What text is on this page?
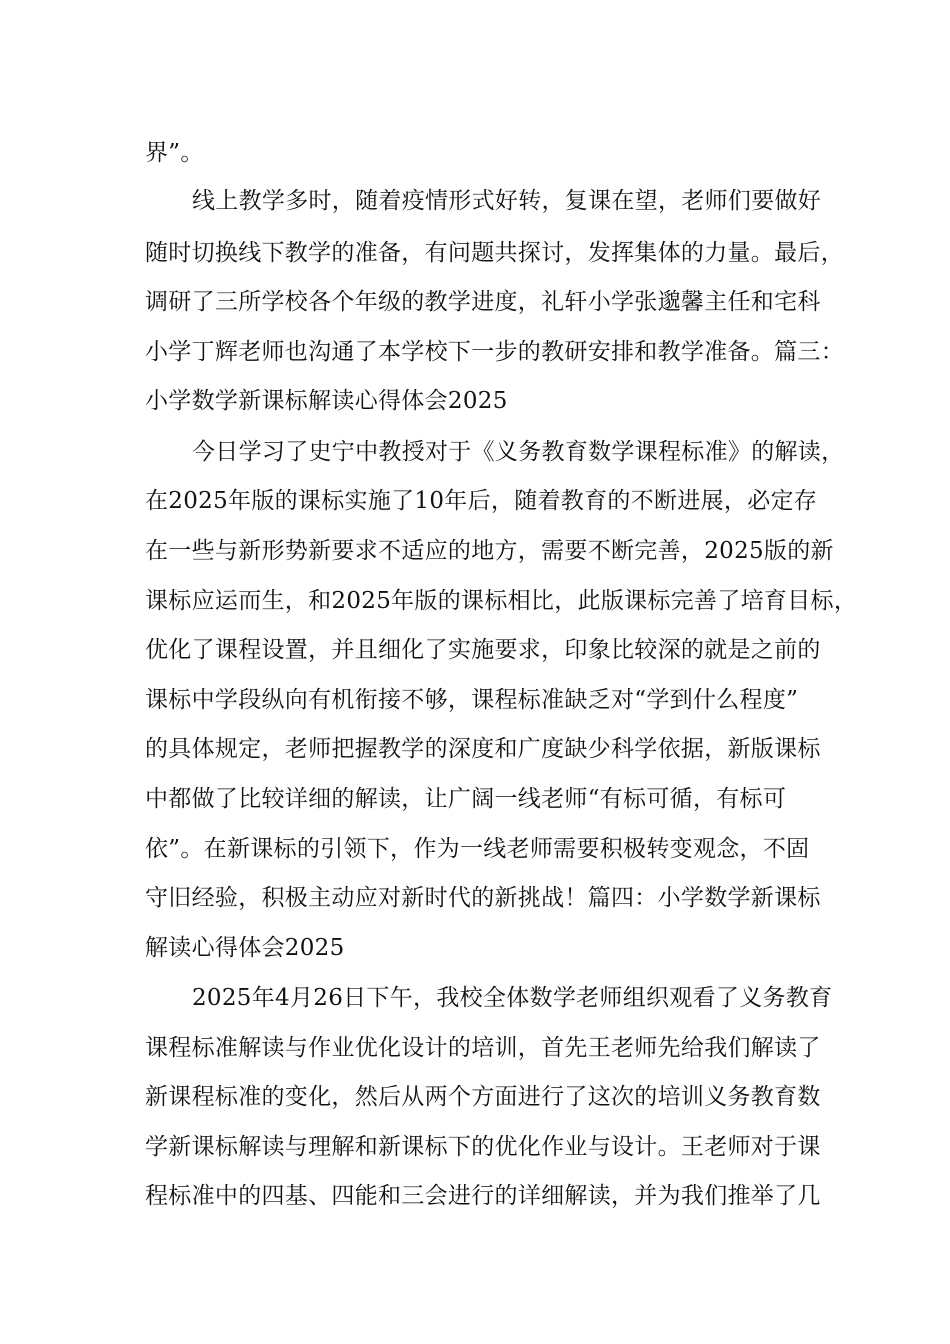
界”。
线上教学多时，随着疫情形式好转，复课在望，老师们要做好
随时切换线下教学的准备，有问题共探讨，发挥集体的力量。最后，
调研了三所学校各个年级的教学进度，礼轩小学张邈馨主任和宅科
小学丁辉老师也沟通了本学校下一步的教研安排和教学准备。篇三：
小学数学新课标解读心得体会2025
今日学习了史宁中教授对于《义务教育数学课程标准》的解读，
在2025年版的课标实施了10年后，随着教育的不断进展，必定存
在一些与新形势新要求不适应的地方，需要不断完善，2025版的新
课标应运而生，和2025年版的课标相比，此版课标完善了培育目标，
优化了课程设置，并且细化了实施要求，印象比较深的就是之前的
课标中学段纵向有机衔接不够，课程标准缺乏对“学到什么程度”
的具体规定，老师把握教学的深度和广度缺少科学依据，新版课标
中都做了比较详细的解读，让广阔一线老师“有标可循，有标可
依”。在新课标的引领下，作为一线老师需要积极转变观念，不固
守旧经验，积极主动应对新时代的新挑战！篇四：小学数学新课标
解读心得体会2025
2025年4月26日下午，我校全体数学老师组织观看了义务教育
课程标准解读与作业优化设计的培训，首先王老师先给我们解读了
新课程标准的变化，然后从两个方面进行了这次的培训义务教育数
学新课标解读与理解和新课标下的优化作业与设计。王老师对于课
程标准中的四基、四能和三会进行的详细解读，并为我们推举了几
